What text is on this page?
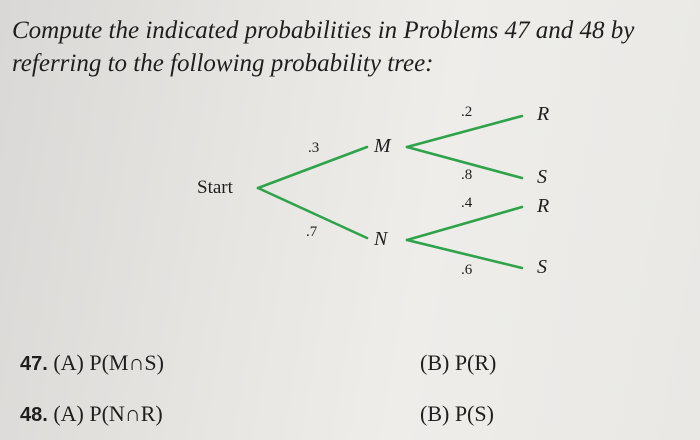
Compute the indicated probabilities in Problems 47 and 48 by
referring to the following probability tree:
Start
M
N
.3
.7
.2
.8
.4
.6
R
S
R
S
47. (A) P(M∩S)	(B) P(R)
48. (A) P(N∩R)	(B) P(S)
